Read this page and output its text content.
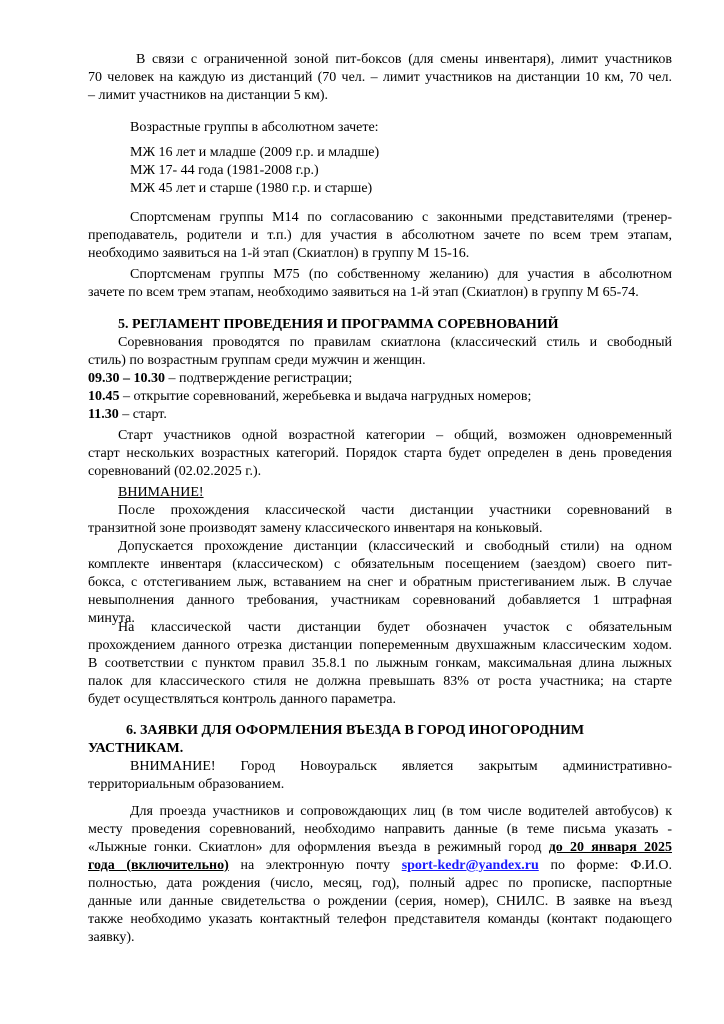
В связи с ограниченной зоной пит-боксов (для смены инвентаря), лимит участников
70 человек на каждую из дистанций (70 чел. – лимит участников на дистанции 10 км, 70 чел.
– лимит участников на дистанции 5 км).
Возрастные группы в абсолютном зачете:
МЖ 16 лет и младше (2009 г.р. и младше)
МЖ 17- 44 года (1981-2008 г.р.)
МЖ 45 лет и старше (1980 г.р. и старше)
Спортсменам группы М14 по согласованию с законными представителями (тренер-
преподаватель, родители и т.п.) для участия в абсолютном зачете по всем трем этапам,
необходимо заявиться на 1-й этап (Скиатлон) в группу М 15-16.
Спортсменам группы М75 (по собственному желанию) для участия в абсолютном
зачете по всем трем этапам, необходимо заявиться на 1-й этап (Скиатлон) в группу М 65-74.
5. РЕГЛАМЕНТ ПРОВЕДЕНИЯ И ПРОГРАММА СОРЕВНОВАНИЙ
Соревнования проводятся по правилам скиатлона (классический стиль и свободный
стиль) по возрастным группам среди мужчин и женщин.
09.30 – 10.30 – подтверждение регистрации;
10.45 – открытие соревнований, жеребьевка и выдача нагрудных номеров;
11.30 – старт.
Старт участников одной возрастной категории – общий, возможен одновременный
старт нескольких возрастных категорий. Порядок старта будет определен в день проведения
соревнований (02.02.2025 г.).
ВНИМАНИЕ!
После прохождения классической части дистанции участники соревнований в
транзитной зоне производят замену классического инвентаря на коньковый.
Допускается прохождение дистанции (классический и свободный стили) на одном
комплекте инвентаря (классическом) с обязательным посещением (заездом) своего пит-
бокса, с отстегиванием лыж, вставанием на снег и обратным пристегиванием лыж. В случае
невыполнения данного требования, участникам соревнований добавляется 1 штрафная
минута.
На классической части дистанции будет обозначен участок с обязательным
прохождением данного отрезка дистанции попеременным двухшажным классическим ходом.
В соответствии с пунктом правил 35.8.1 по лыжным гонкам, максимальная длина лыжных
палок для классического стиля не должна превышать 83% от роста участника; на старте
будет осуществляться контроль данного параметра.
6. ЗАЯВКИ ДЛЯ ОФОРМЛЕНИЯ ВЪЕЗДА В ГОРОД ИНОГОРОДНИМ
УАСТНИКАМ.
ВНИМАНИЕ! Город Новоуральск является закрытым административно-
территориальным образованием.
Для проезда участников и сопровождающих лиц (в том числе водителей автобусов) к
месту проведения соревнований, необходимо направить данные (в теме письма указать -
«Лыжные гонки. Скиатлон» для оформления въезда в режимный город до 20 января 2025
года (включительно) на электронную почту sport-kedr@yandex.ru по форме: Ф.И.О.
полностью, дата рождения (число, месяц, год), полный адрес по прописке, паспортные
данные или данные свидетельства о рождении (серия, номер), СНИЛС. В заявке на въезд
также необходимо указать контактный телефон представителя команды (контакт подающего
заявку).
